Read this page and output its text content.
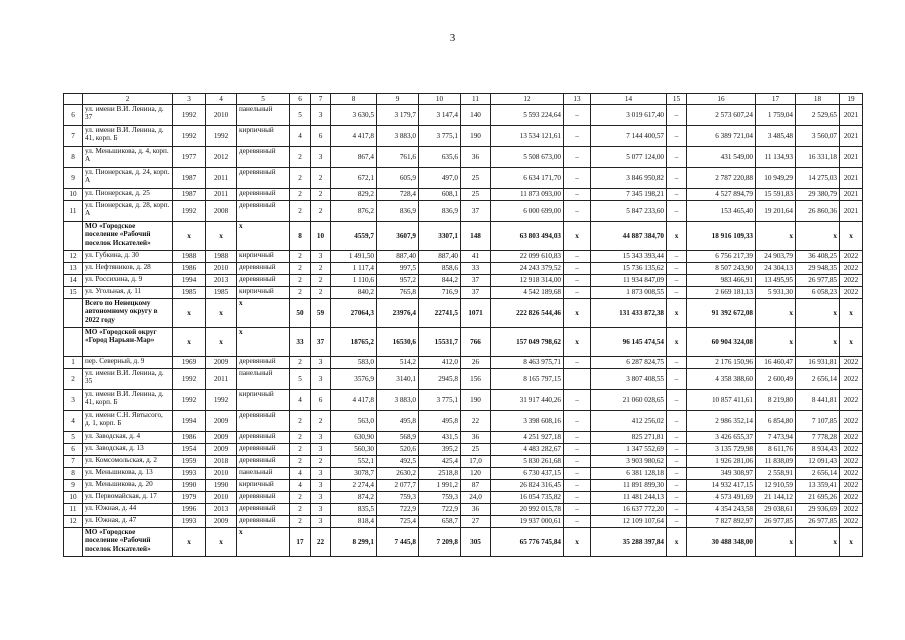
3
	2	3	4	5	6	7	8	9	10	11	12	13	14	15	16	17	18	19
6	ул. имени В.И. Ленина, д. 37	1992	2010	панельный	5	3	3 630,5	3 179,7	3 147,4	140	5 593 224,64	–	3 019 617,40	–	2 573 607,24	1 759,04	2 529,65	2021
7	ул. имени В.И. Ленина, д. 41, корп. Б	1992	1992	кирпичный	4	6	4 417,8	3 883,0	3 775,1	190	13 534 121,61	–	7 144 400,57	–	6 389 721,04	3 485,48	3 560,07	2021
8	ул. Меньшикова, д. 4, корп. А	1977	2012	деревянный	2	3	867,4	761,6	635,6	36	5 508 673,00	–	5 077 124,00	–	431 549,00	11 134,93	16 331,18	2021
9	ул. Пионерская, д. 24, корп. А	1987	2011	деревянный	2	2	672,1	605,9	497,0	25	6 634 171,70	–	3 846 950,82	–	2 787 220,88	10 949,29	14 275,03	2021
10	ул. Пионерская, д. 25	1987	2011	деревянный	2	2	829,2	728,4	608,1	25	11 873 093,00	–	7 345 198,21	–	4 527 894,79	15 591,83	29 380,79	2021
11	ул. Пионерская, д. 28, корп. А	1992	2008	деревянный	2	2	876,2	836,9	836,9	37	6 000 699,00	–	5 847 233,60	–	153 465,40	19 201,64	26 860,36	2021
	МО «Городское поселение «Рабочий поселок Искателей»	x	x	x	8	10	4559,7	3607,9	3307,1	148	63 803 494,03	x	44 887 384,70	x	18 916 109,33	x	x	x
12	ул. Губкина, д. 30	1988	1988	кирпичный	2	3	1 491,50	887,40	887,40	41	22 099 610,83	–	15 343 393,44	–	6 756 217,39	24 903,79	36 408,25	2022
13	ул. Нефтяников, д. 28	1986	2010	деревянный	2	2	1 117,4	997,5	858,6	33	24 243 379,52	–	15 736 135,62	–	8 507 243,90	24 304,13	29 948,35	2022
14	ул. Россихина, д. 9	1994	2013	деревянный	2	2	1 110,6	957,2	844,2	37	12 918 314,00	–	11 934 847,09	–	983 466,91	13 495,95	26 977,85	2022
15	ул. Угольная, д. 11	1985	1985	кирпичный	2	2	840,2	765,8	716,9	37	4 542 189,68	–	1 873 008,55	–	2 669 181,13	5 931,30	6 058,23	2022
	Всего по Ненецкому автономному округу в 2022 году	x	x	x	50	59	27064,3	23976,4	22741,5	1071	222 826 544,46	x	131 433 872,38	x	91 392 672,08	x	x	x
	МО «Городской округ «Город Нарьян-Мар»	x	x	x	33	37	18765,2	16530,6	15531,7	766	157 049 798,62	x	96 145 474,54	x	60 904 324,08	x	x	x
1	пер. Северный, д. 9	1969	2009	деревянный	2	3	583,0	514,2	412,0	26	8 463 975,71	–	6 287 824,75	–	2 176 150,96	16 460,47	16 931,81	2022
2	ул. имени В.И. Ленина, д. 35	1992	2011	панельный	5	3	3576,9	3140,1	2945,8	156	8 165 797,15		3 807 408,55	–	4 358 388,60	2 600,49	2 656,14	2022
3	ул. имени В.И. Ленина, д. 41, корп. Б	1992	1992	кирпичный	4	6	4 417,8	3 883,0	3 775,1	190	31 917 440,26	–	21 060 028,65	–	10 857 411,61	8 219,80	8 441,81	2022
4	ул. имени С.Н. Явтысого, д. 1, корп. Б	1994	2009	деревянный	2	2	563,0	495,8	495,8	22	3 398 608,16	–	412 256,02	–	2 986 352,14	6 854,80	7 107,85	2022
5	ул. Заводская, д. 4	1986	2009	деревянный	2	3	630,90	568,9	431,5	36	4 251 927,18	–	825 271,81	–	3 426 655,37	7 473,94	7 778,28	2022
6	ул. Заводская, д. 13	1954	2009	деревянный	2	3	560,30	520,6	395,2	25	4 483 282,67	–	1 347 552,69	–	3 135 729,98	8 611,76	8 934,43	2022
7	ул. Комсомольская, д. 2	1959	2018	деревянный	2	2	552,1	492,5	425,4	17,0	5 830 261,68	–	3 903 980,62	–	1 926 281,06	11 838,09	12 091,43	2022
8	ул. Меньшикова, д. 13	1993	2010	панельный	4	3	3078,7	2630,2	2518,8	120	6 730 437,15	–	6 381 128,18	–	349 308,97	2 558,91	2 656,14	2022
9	ул. Меньшикова, д. 20	1990	1990	кирпичный	4	3	2 274,4	2 077,7	1 991,2	87	26 824 316,45	–	11 891 899,30	–	14 932 417,15	12 910,59	13 359,41	2022
10	ул. Первомайская, д. 17	1979	2010	деревянный	2	3	874,2	759,3	759,3	24,0	16 054 735,82	–	11 481 244,13	–	4 573 491,69	21 144,12	21 695,26	2022
11	ул. Южная, д. 44	1996	2013	деревянный	2	3	835,5	722,9	722,9	36	20 992 015,78	–	16 637 772,20	–	4 354 243,58	29 038,61	29 936,69	2022
12	ул. Южная, д. 47	1993	2009	деревянный	2	3	818,4	725,4	658,7	27	19 937 000,61	–	12 109 107,64	–	7 827 892,97	26 977,85	26 977,85	2022
	МО «Городское поселение «Рабочий поселок Искателей»	x	x	x	17	22	8 299,1	7 445,8	7 209,8	305	65 776 745,84	x	35 288 397,84	x	30 488 348,00	x	x	x
